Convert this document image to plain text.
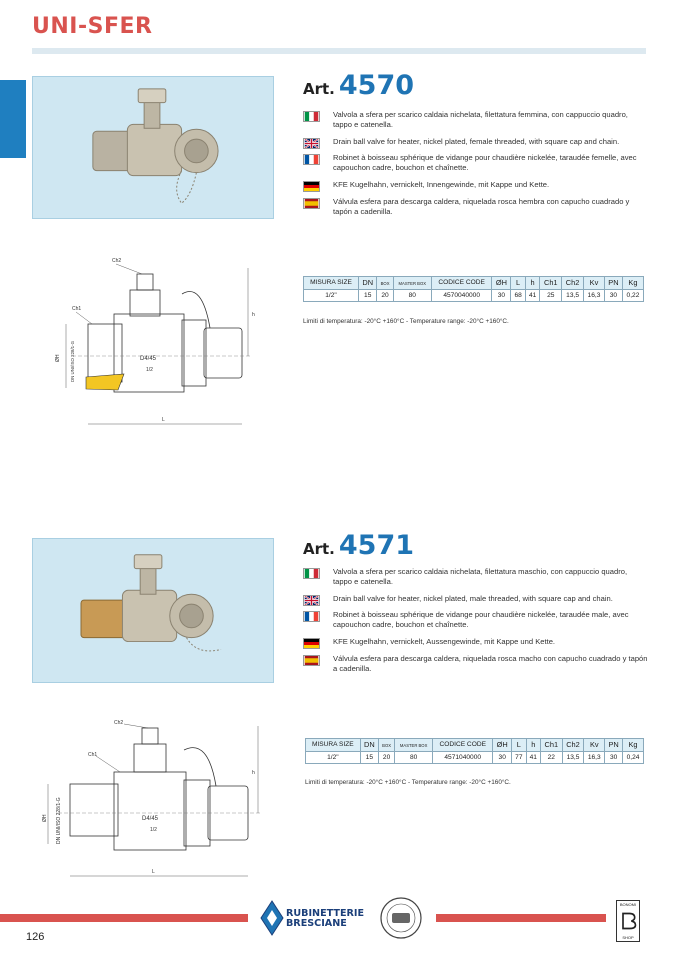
UNI-SFER
Art. 4570
Valvola a sfera per scarico caldaia nichelata, filettatura femmina, con cappuccio quadro, tappo e catenella.
Drain ball valve for heater, nickel plated, female threaded, with square cap and chain.
Robinet à boisseau sphérique de vidange pour chaudière nickelée, taraudée femelle, avec capouchon cadre, bouchon et chaînette.
KFE Kugelhahn, vernickelt, Innengewinde, mit Kappe und Kette.
Válvula esfera para descarga caldera, niquelada rosca hembra con capucho cuadrado y tapón a cadenilla.
Ch2
Ch1
h
L
ØH DN UNI/ISO 228/1-G	D4/45
1/2
MISURA SIZE	DN	BOX	MASTER BOX	CODICE CODE	ØH	L	h	Ch1	Ch2	Kv	PN	Kg
1/2"	15	20	80	4570040000	30	68	41	25	13,5	16,3	30	0,22
Limiti di temperatura: -20°C +160°C - Temperature range: -20°C +160°C.
Art. 4571
Valvola a sfera per scarico caldaia nichelata, filettatura maschio, con cappuccio quadro, tappo e catenella.
Drain ball valve for heater, nickel plated, male threaded, with square cap and chain.
Robinet à boisseau sphérique de vidange pour chaudière nickelée, taraudée male, avec capouchon cadre, bouchon et chaînette.
KFE Kugelhahn, vernickelt, Aussengewinde, mit Kappe und Kette.
Válvula esfera para descarga caldera, niquelada rosca macho con capucho cuadrado y tapón a cadenilla.
Ch2
Ch1
h
L
ØH DN UNI/ISO 228/1-G	D4/45
1/2
MISURA SIZE	DN	BOX	MASTER BOX	CODICE CODE	ØH	L	h	Ch1	Ch2	Kv	PN	Kg
1/2"	15	20	80	4571040000	30	77	41	22	13,5	16,3	30	0,24
Limiti di temperatura: -20°C +160°C - Temperature range: -20°C +160°C.
126
RUBINETTERIE
BRESCIANE
BONOMI
SHOP
